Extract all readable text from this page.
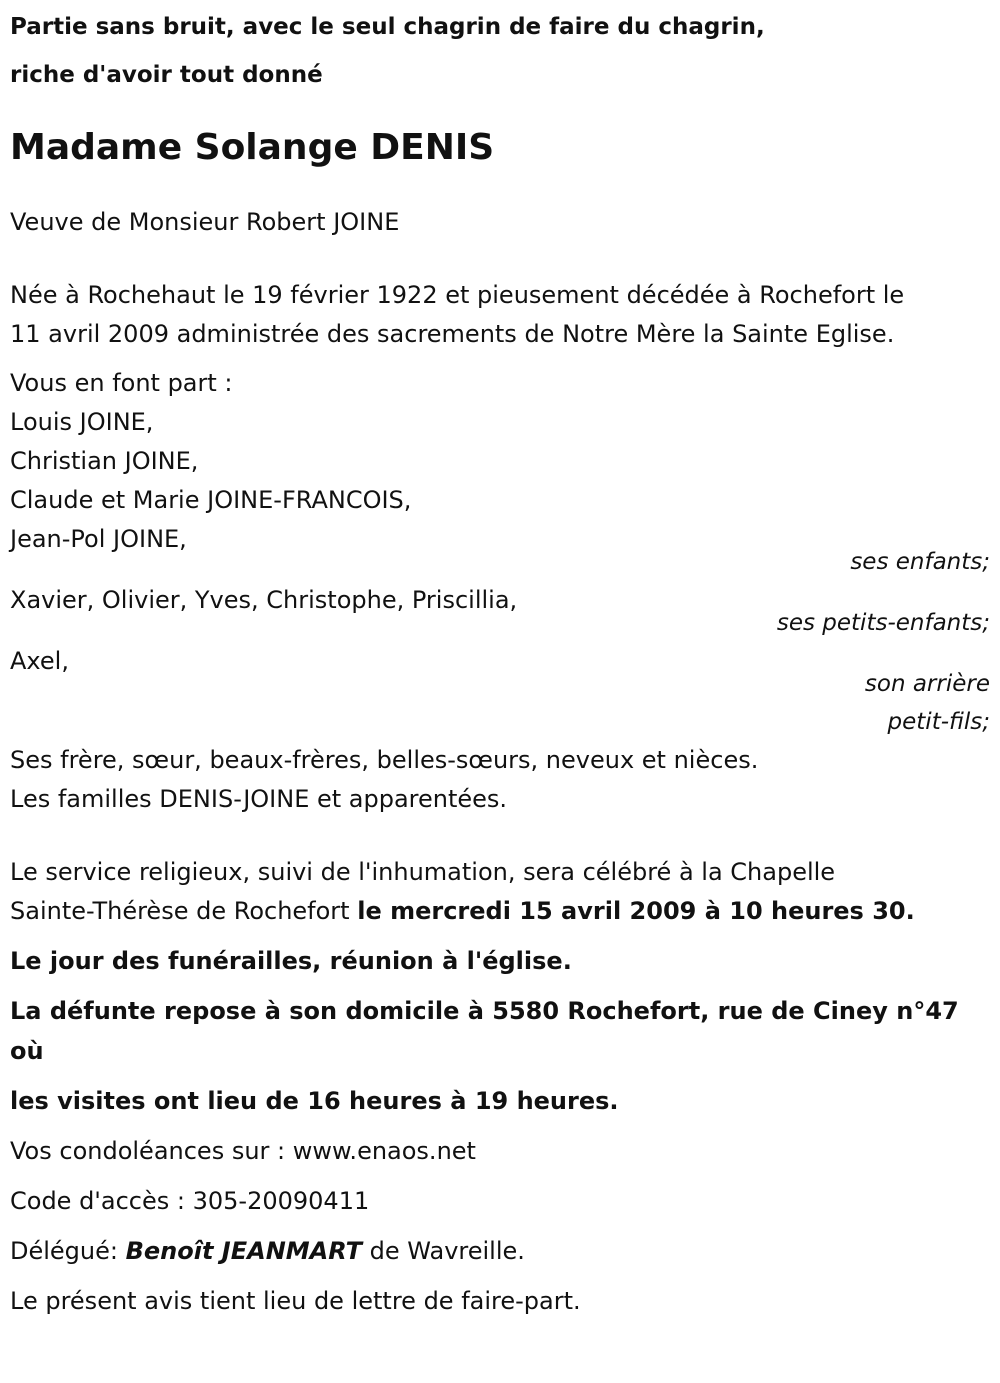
Partie sans bruit, avec le seul chagrin de faire du chagrin,
riche d'avoir tout donné
Madame Solange DENIS
Veuve de Monsieur Robert JOINE
Née à Rochehaut le 19 février 1922 et pieusement décédée à Rochefort le
11 avril 2009 administrée des sacrements de Notre Mère la Sainte Eglise.
Vous en font part :
Louis JOINE,
Christian JOINE,
Claude et Marie JOINE-FRANCOIS,
Jean-Pol JOINE,
ses enfants;
Xavier, Olivier, Yves, Christophe, Priscillia,
ses petits-enfants;
Axel,
son arrière
petit-fils;
Ses frère, sœur, beaux-frères, belles-sœurs, neveux et nièces.
Les familles DENIS-JOINE et apparentées.
Le service religieux, suivi de l'inhumation, sera célébré à la Chapelle
Sainte-Thérèse de Rochefort le mercredi 15 avril 2009 à 10 heures 30.
Le jour des funérailles, réunion à l'église.
La défunte repose à son domicile à 5580 Rochefort, rue de Ciney n°47
où
les visites ont lieu de 16 heures à 19 heures.
Vos condoléances sur : www.enaos.net
Code d'accès : 305-20090411
Délégué: Benoît JEANMART de Wavreille.
Le présent avis tient lieu de lettre de faire-part.
